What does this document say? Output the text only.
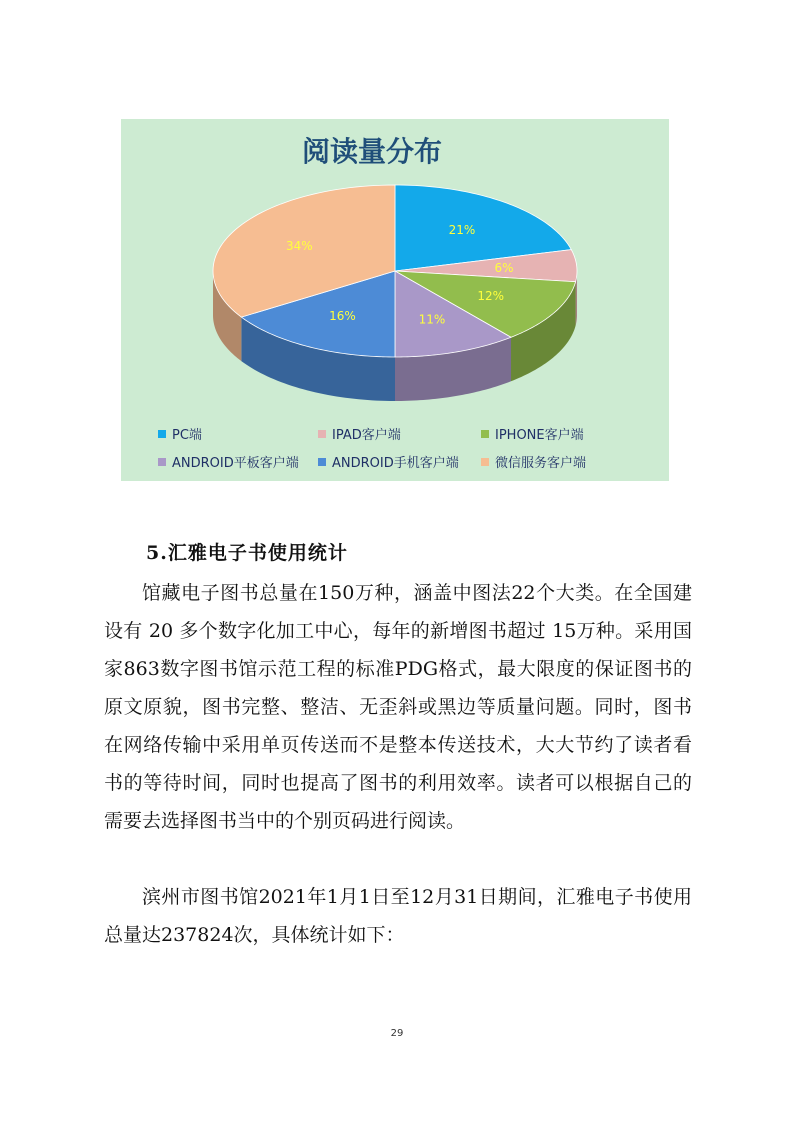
阅读量分布
21%
6%
12%
11%
16%
34%
PC端	IPAD客户端	IPHONE客户端
ANDROID平板客户端	ANDROID手机客户端	微信服务客户端
5.汇雅电子书使用统计

馆藏电子图书总量在150万种，涵盖中图法22个大类。在全国建设有 20 多个数字化加工中心，每年的新增图书超过 15万种。采用国家863数字图书馆示范工程的标准PDG格式，最大限度的保证图书的原文原貌，图书完整、整洁、无歪斜或黑边等质量问题。同时，图书在网络传输中采用单页传送而不是整本传送技术，大大节约了读者看书的等待时间，同时也提高了图书的利用效率。读者可以根据自己的需要去选择图书当中的个别页码进行阅读。

滨州市图书馆2021年1月1日至12月31日期间，汇雅电子书使用总量达237824次，具体统计如下：

29
